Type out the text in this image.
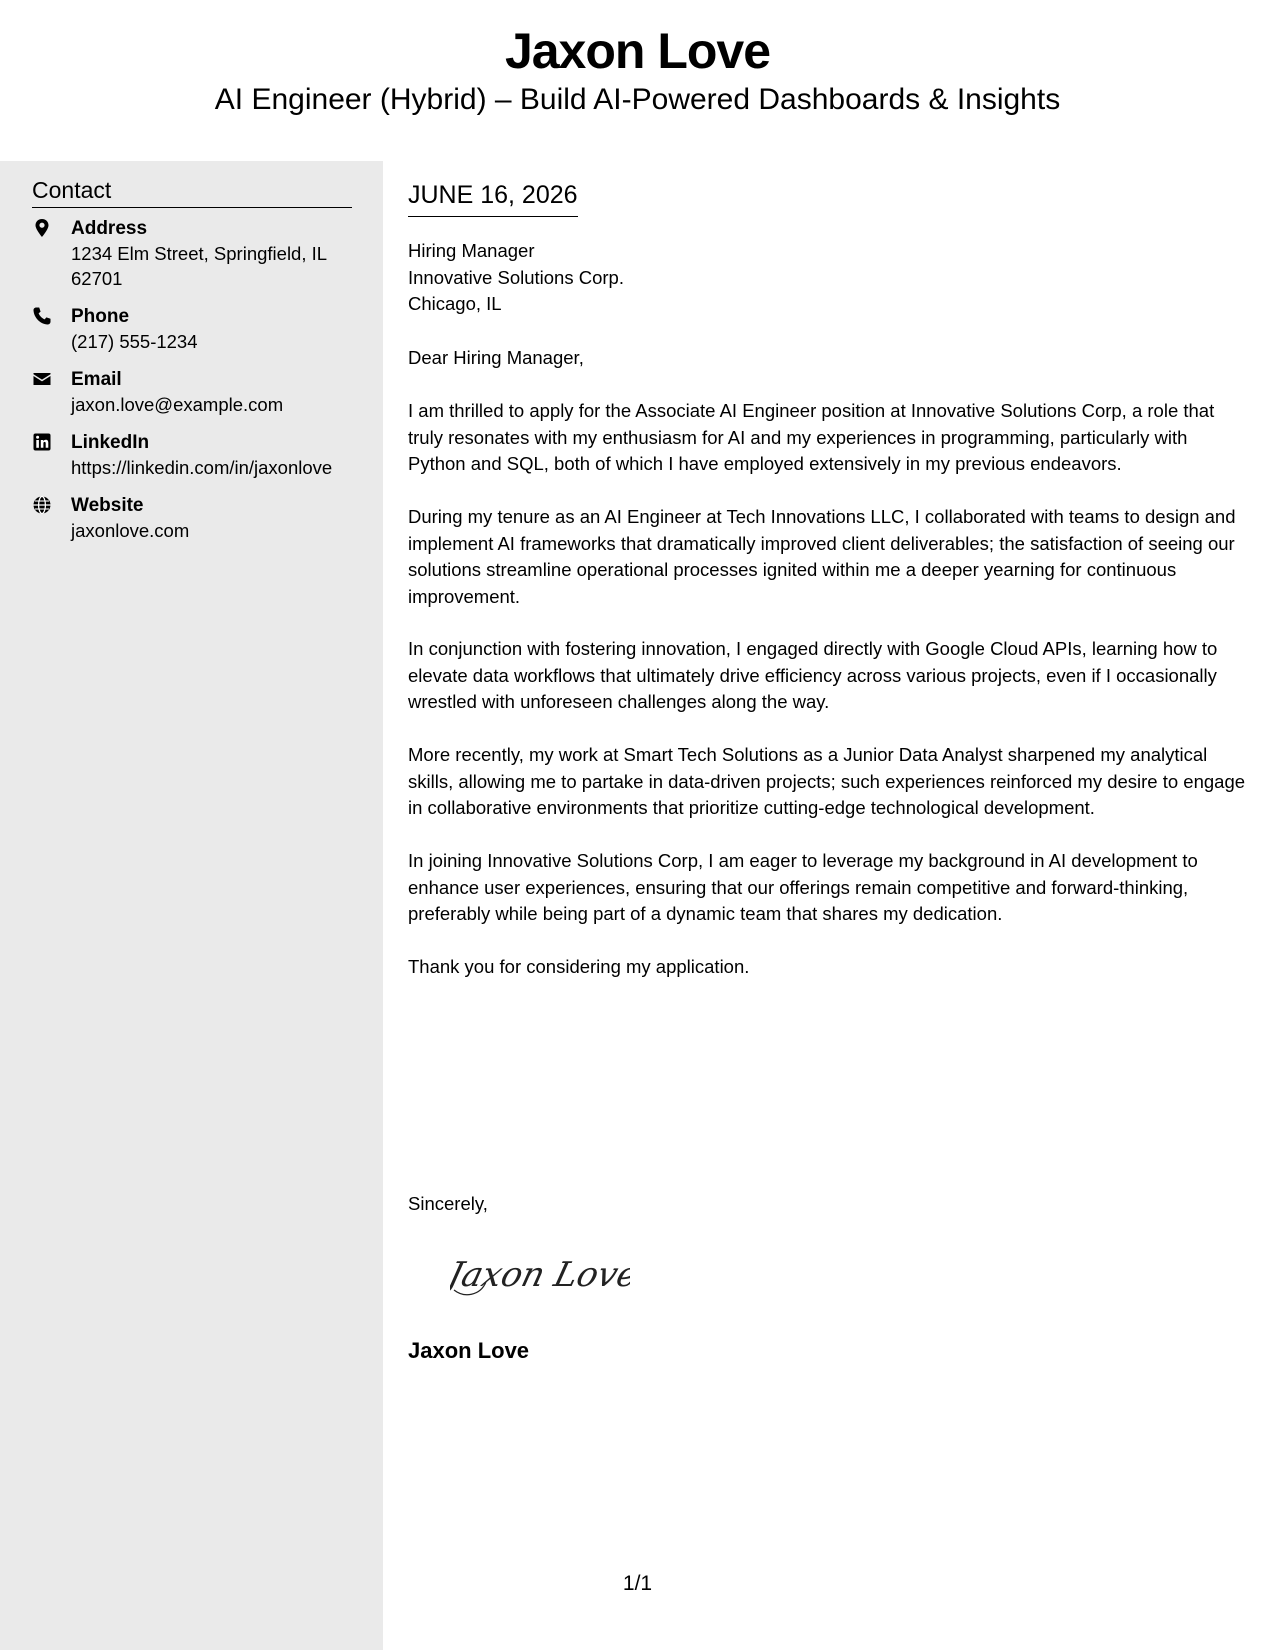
Jaxon Love
AI Engineer (Hybrid) – Build AI-Powered Dashboards & Insights
Contact
Address
1234 Elm Street, Springfield, IL 62701
Phone
(217) 555-1234
Email
jaxon.love@example.com
LinkedIn
https://linkedin.com/in/jaxonlove
Website
jaxonlove.com
JUNE 16, 2026
Hiring Manager
Innovative Solutions Corp.
Chicago, IL
Dear Hiring Manager,

I am thrilled to apply for the Associate AI Engineer position at Innovative Solutions Corp, a role that truly resonates with my enthusiasm for AI and my experiences in programming, particularly with Python and SQL, both of which I have employed extensively in my previous endeavors.

During my tenure as an AI Engineer at Tech Innovations LLC, I collaborated with teams to design and implement AI frameworks that dramatically improved client deliverables; the satisfaction of seeing our solutions streamline operational processes ignited within me a deeper yearning for continuous improvement.

In conjunction with fostering innovation, I engaged directly with Google Cloud APIs, learning how to elevate data workflows that ultimately drive efficiency across various projects, even if I occasionally wrestled with unforeseen challenges along the way.

More recently, my work at Smart Tech Solutions as a Junior Data Analyst sharpened my analytical skills, allowing me to partake in data-driven projects; such experiences reinforced my desire to engage in collaborative environments that prioritize cutting-edge technological development.

In joining Innovative Solutions Corp, I am eager to leverage my background in AI development to enhance user experiences, ensuring that our offerings remain competitive and forward-thinking, preferably while being part of a dynamic team that shares my dedication.

Thank you for considering my application.

Sincerely,
Jaxon Love
Jaxon Love
1/1
